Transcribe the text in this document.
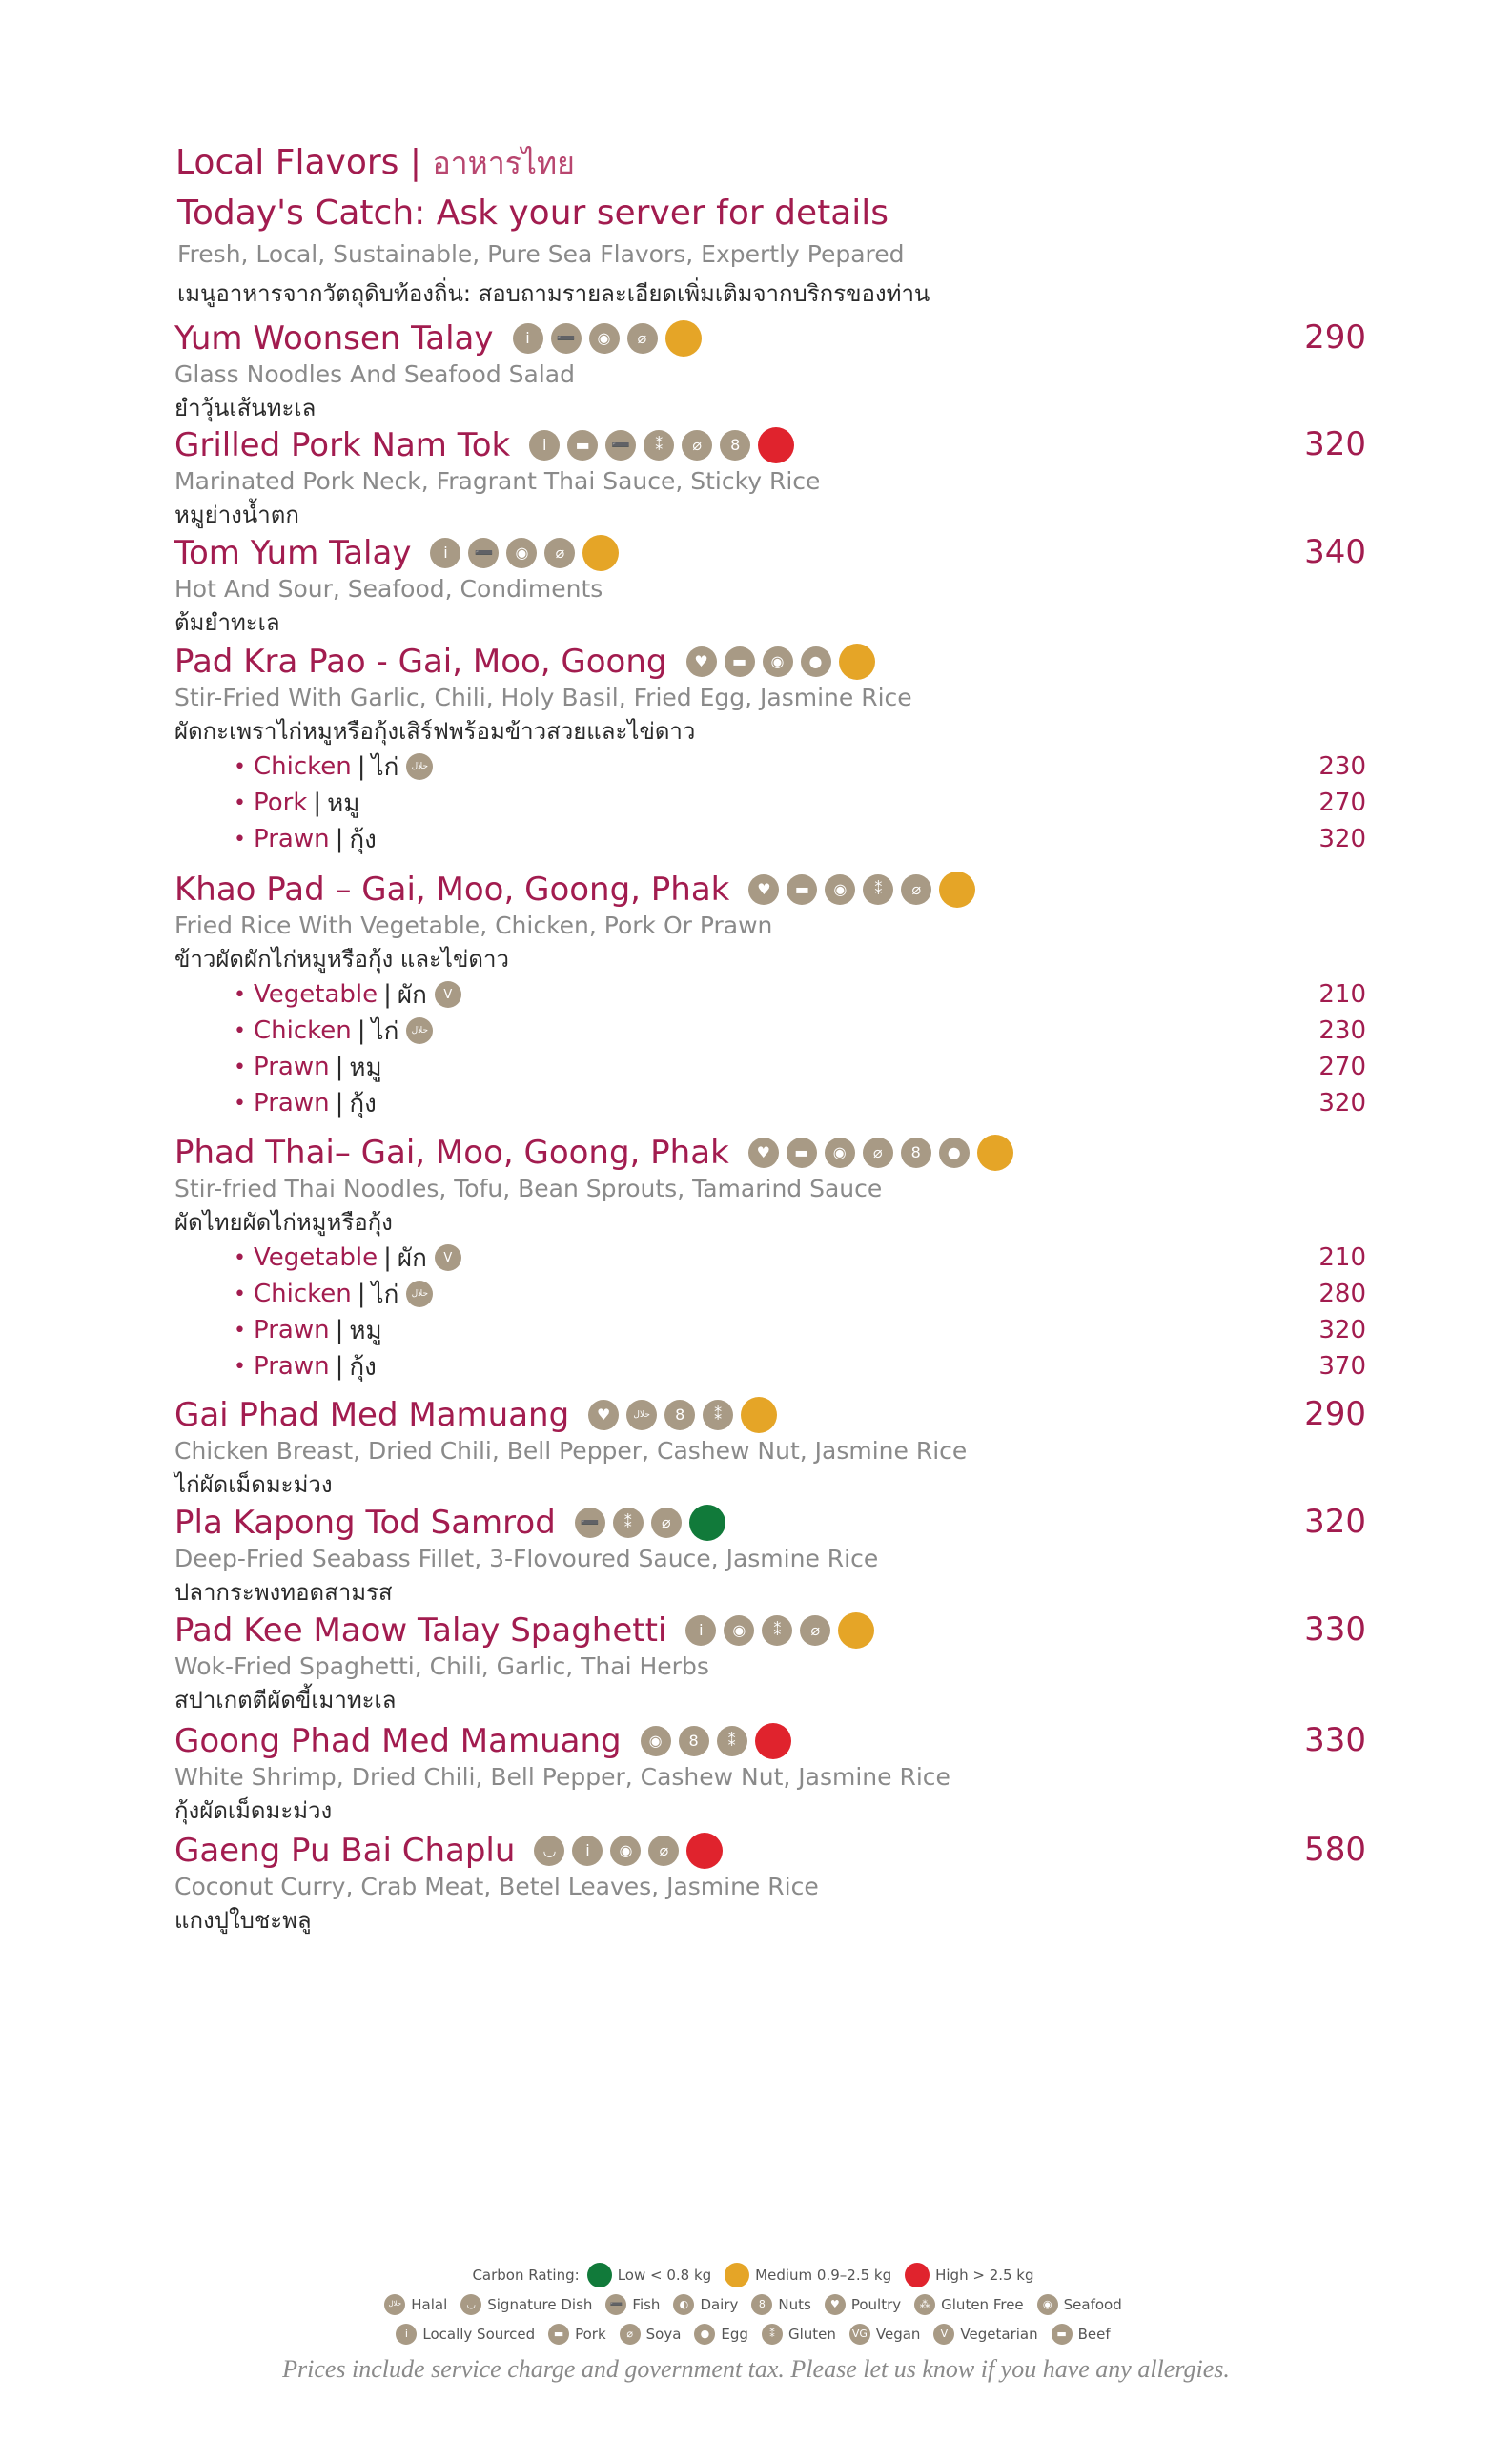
Local Flavors | อาหารไทย
Today's Catch: Ask your server for details
Fresh, Local, Sustainable, Pure Sea Flavors, Expertly Pepared
เมนูอาหารจากวัตถุดิบท้องถิ่น: สอบถามรายละเอียดเพิ่มเติมจากบริกรของท่าน
Yum Woonsen Talay	i	➖	◉	⌀	290
Glass Noodles And Seafood Salad
ยำวุ้นเส้นทะเล
Grilled Pork Nam Tok	i	▬	➖	⁑	⌀	8	320
Marinated Pork Neck, Fragrant Thai Sauce, Sticky Rice
หมูย่างน้ำตก
Tom Yum Talay	i	➖	◉	⌀	340
Hot And Sour, Seafood, Condiments
ต้มยำทะเล
Pad Kra Pao - Gai, Moo, Goong	♥	▬	◉	●
Stir-Fried With Garlic, Chili, Holy Basil, Fried Egg, Jasmine Rice
ผัดกะเพราไก่หมูหรือกุ้งเสิร์ฟพร้อมข้าวสวยและไข่ดาว
• Chicken | ไก่	حلال	230
• Pork | หมู	270
• Prawn | กุ้ง	320
Khao Pad – Gai, Moo, Goong, Phak	♥	▬	◉	⁑	⌀
Fried Rice With Vegetable, Chicken, Pork Or Prawn
ข้าวผัดผักไก่หมูหรือกุ้ง และไข่ดาว
• Vegetable | ผัก	V	210
• Chicken | ไก่	حلال	230
• Prawn | หมู	270
• Prawn | กุ้ง	320
Phad Thai– Gai, Moo, Goong, Phak	♥	▬	◉	⌀	8	●
Stir-fried Thai Noodles, Tofu, Bean Sprouts, Tamarind Sauce
ผัดไทยผัดไก่หมูหรือกุ้ง
• Vegetable | ผัก	V	210
• Chicken | ไก่	حلال	280
• Prawn | หมู	320
• Prawn | กุ้ง	370
Gai Phad Med Mamuang	♥	حلال	8	⁑	290
Chicken Breast, Dried Chili, Bell Pepper, Cashew Nut, Jasmine Rice
ไก่ผัดเม็ดมะม่วง
Pla Kapong Tod Samrod	➖	⁑	⌀	320
Deep-Fried Seabass Fillet, 3-Flovoured Sauce, Jasmine Rice
ปลากระพงทอดสามรส
Pad Kee Maow Talay Spaghetti	i	◉	⁑	⌀	330
Wok-Fried Spaghetti, Chili, Garlic, Thai Herbs
สปาเกตตีผัดขี้เมาทะเล
Goong Phad Med Mamuang	◉	8	⁑	330
White Shrimp, Dried Chili, Bell Pepper, Cashew Nut, Jasmine Rice
กุ้งผัดเม็ดมะม่วง
Gaeng Pu Bai Chaplu	◡	i	◉	⌀	580
Coconut Curry, Crab Meat, Betel Leaves, Jasmine Rice
แกงปูใบชะพลู
Carbon Rating:	Low < 0.8 kg	Medium 0.9–2.5 kg	High > 2.5 kg
حلال Halal	◡ Signature Dish	➖ Fish	◐ Dairy	8 Nuts	♥ Poultry	⁂ Gluten Free	◉ Seafood
i	Locally Sourced	▬ Pork	⌀ Soya	● Egg	⁑ Gluten VG Vegan	V Vegetarian	▬ Beef
Prices include service charge and government tax. Please let us know if you have any allergies.
